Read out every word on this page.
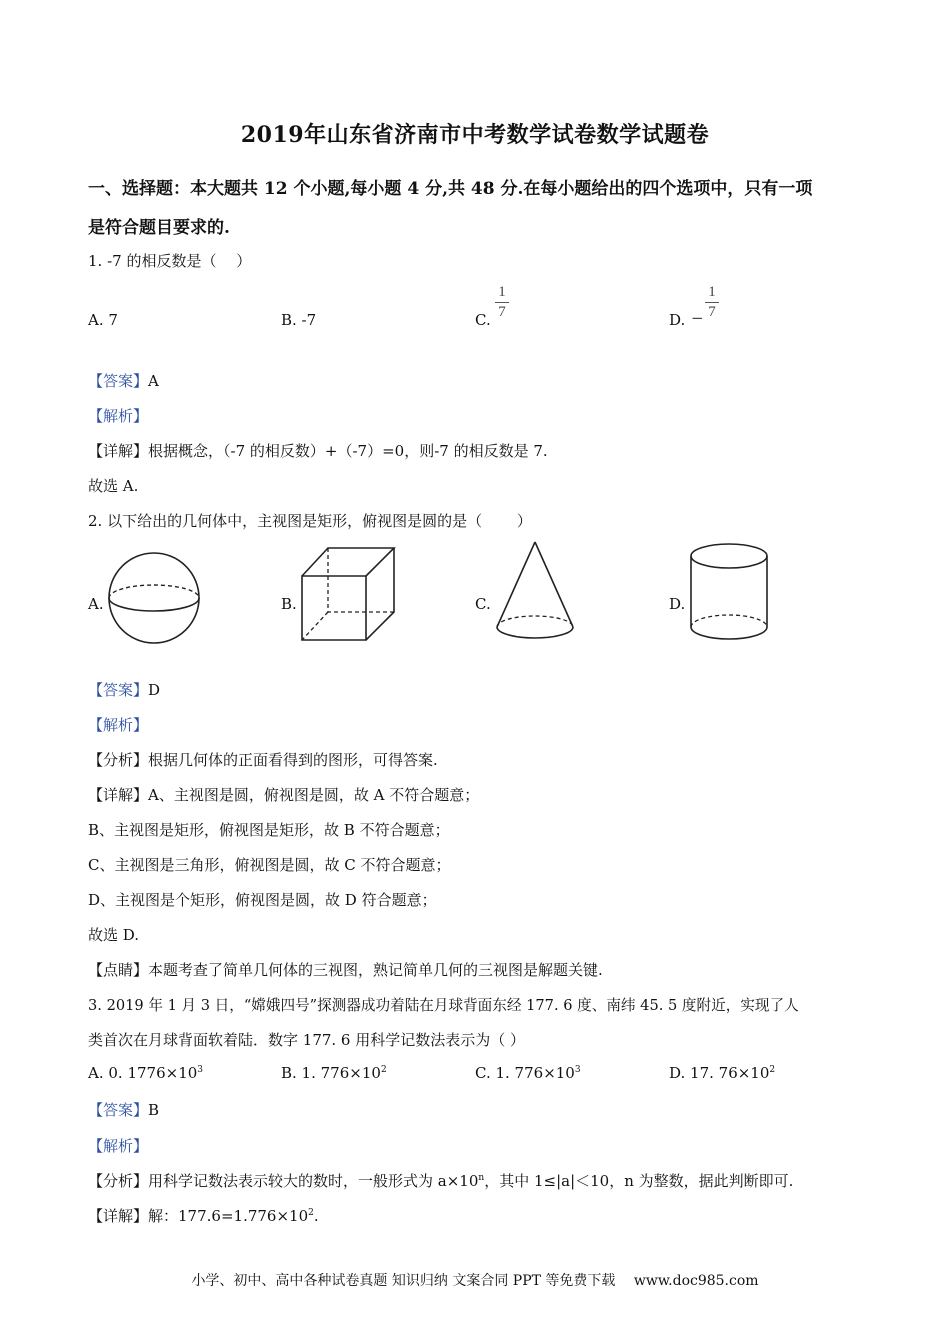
2019年山东省济南市中考数学试卷数学试题卷
一、选择题：本大题共 12 个小题,每小题 4 分,共 48 分.在每小题给出的四个选项中，只有一项
是符合题目要求的.
1. -7 的相反数是（　 ）
A. 7	B. -7	C.
1
7	D. −
1
7
【答案】A
【解析】
【详解】根据概念，（-7 的相反数）+（-7）=0，则-7 的相反数是 7.
故选 A.
2. 以下给出的几何体中，主视图是矩形，俯视图是圆的是（　　 ）
A.	B.	C.	D.
【答案】D
【解析】
【分析】根据几何体的正面看得到的图形，可得答案.
【详解】A、主视图是圆，俯视图是圆，故 A 不符合题意；
B、主视图是矩形，俯视图是矩形，故 B 不符合题意；
C、主视图是三角形，俯视图是圆，故 C 不符合题意；
D、主视图是个矩形，俯视图是圆，故 D 符合题意；
故选 D.
【点睛】本题考查了简单几何体的三视图，熟记简单几何的三视图是解题关键.
3. 2019 年 1 月 3 日，“嫦娥四号”探测器成功着陆在月球背面东经 177. 6 度、南纬 45. 5 度附近，实现了人
类首次在月球背面软着陆．数字 177. 6 用科学记数法表示为（ ）
A. 0. $1776\times 10^3$	B. 1. $776\times 10^2$	C. 1. $776\times 10^3$	D. 17. $76\times 10^2$
【答案】B
【解析】
【分析】用科学记数法表示较大的数时，一般形式为 $a\times 10^n$，其中 1≤|a|＜10，n 为整数，据此判断即可.
【详解】解：$177.6=1.776\times 10^2$.
小学、初中、高中各种试卷真题 知识归纳 文案合同 PPT 等免费下载　 www.doc985.com
